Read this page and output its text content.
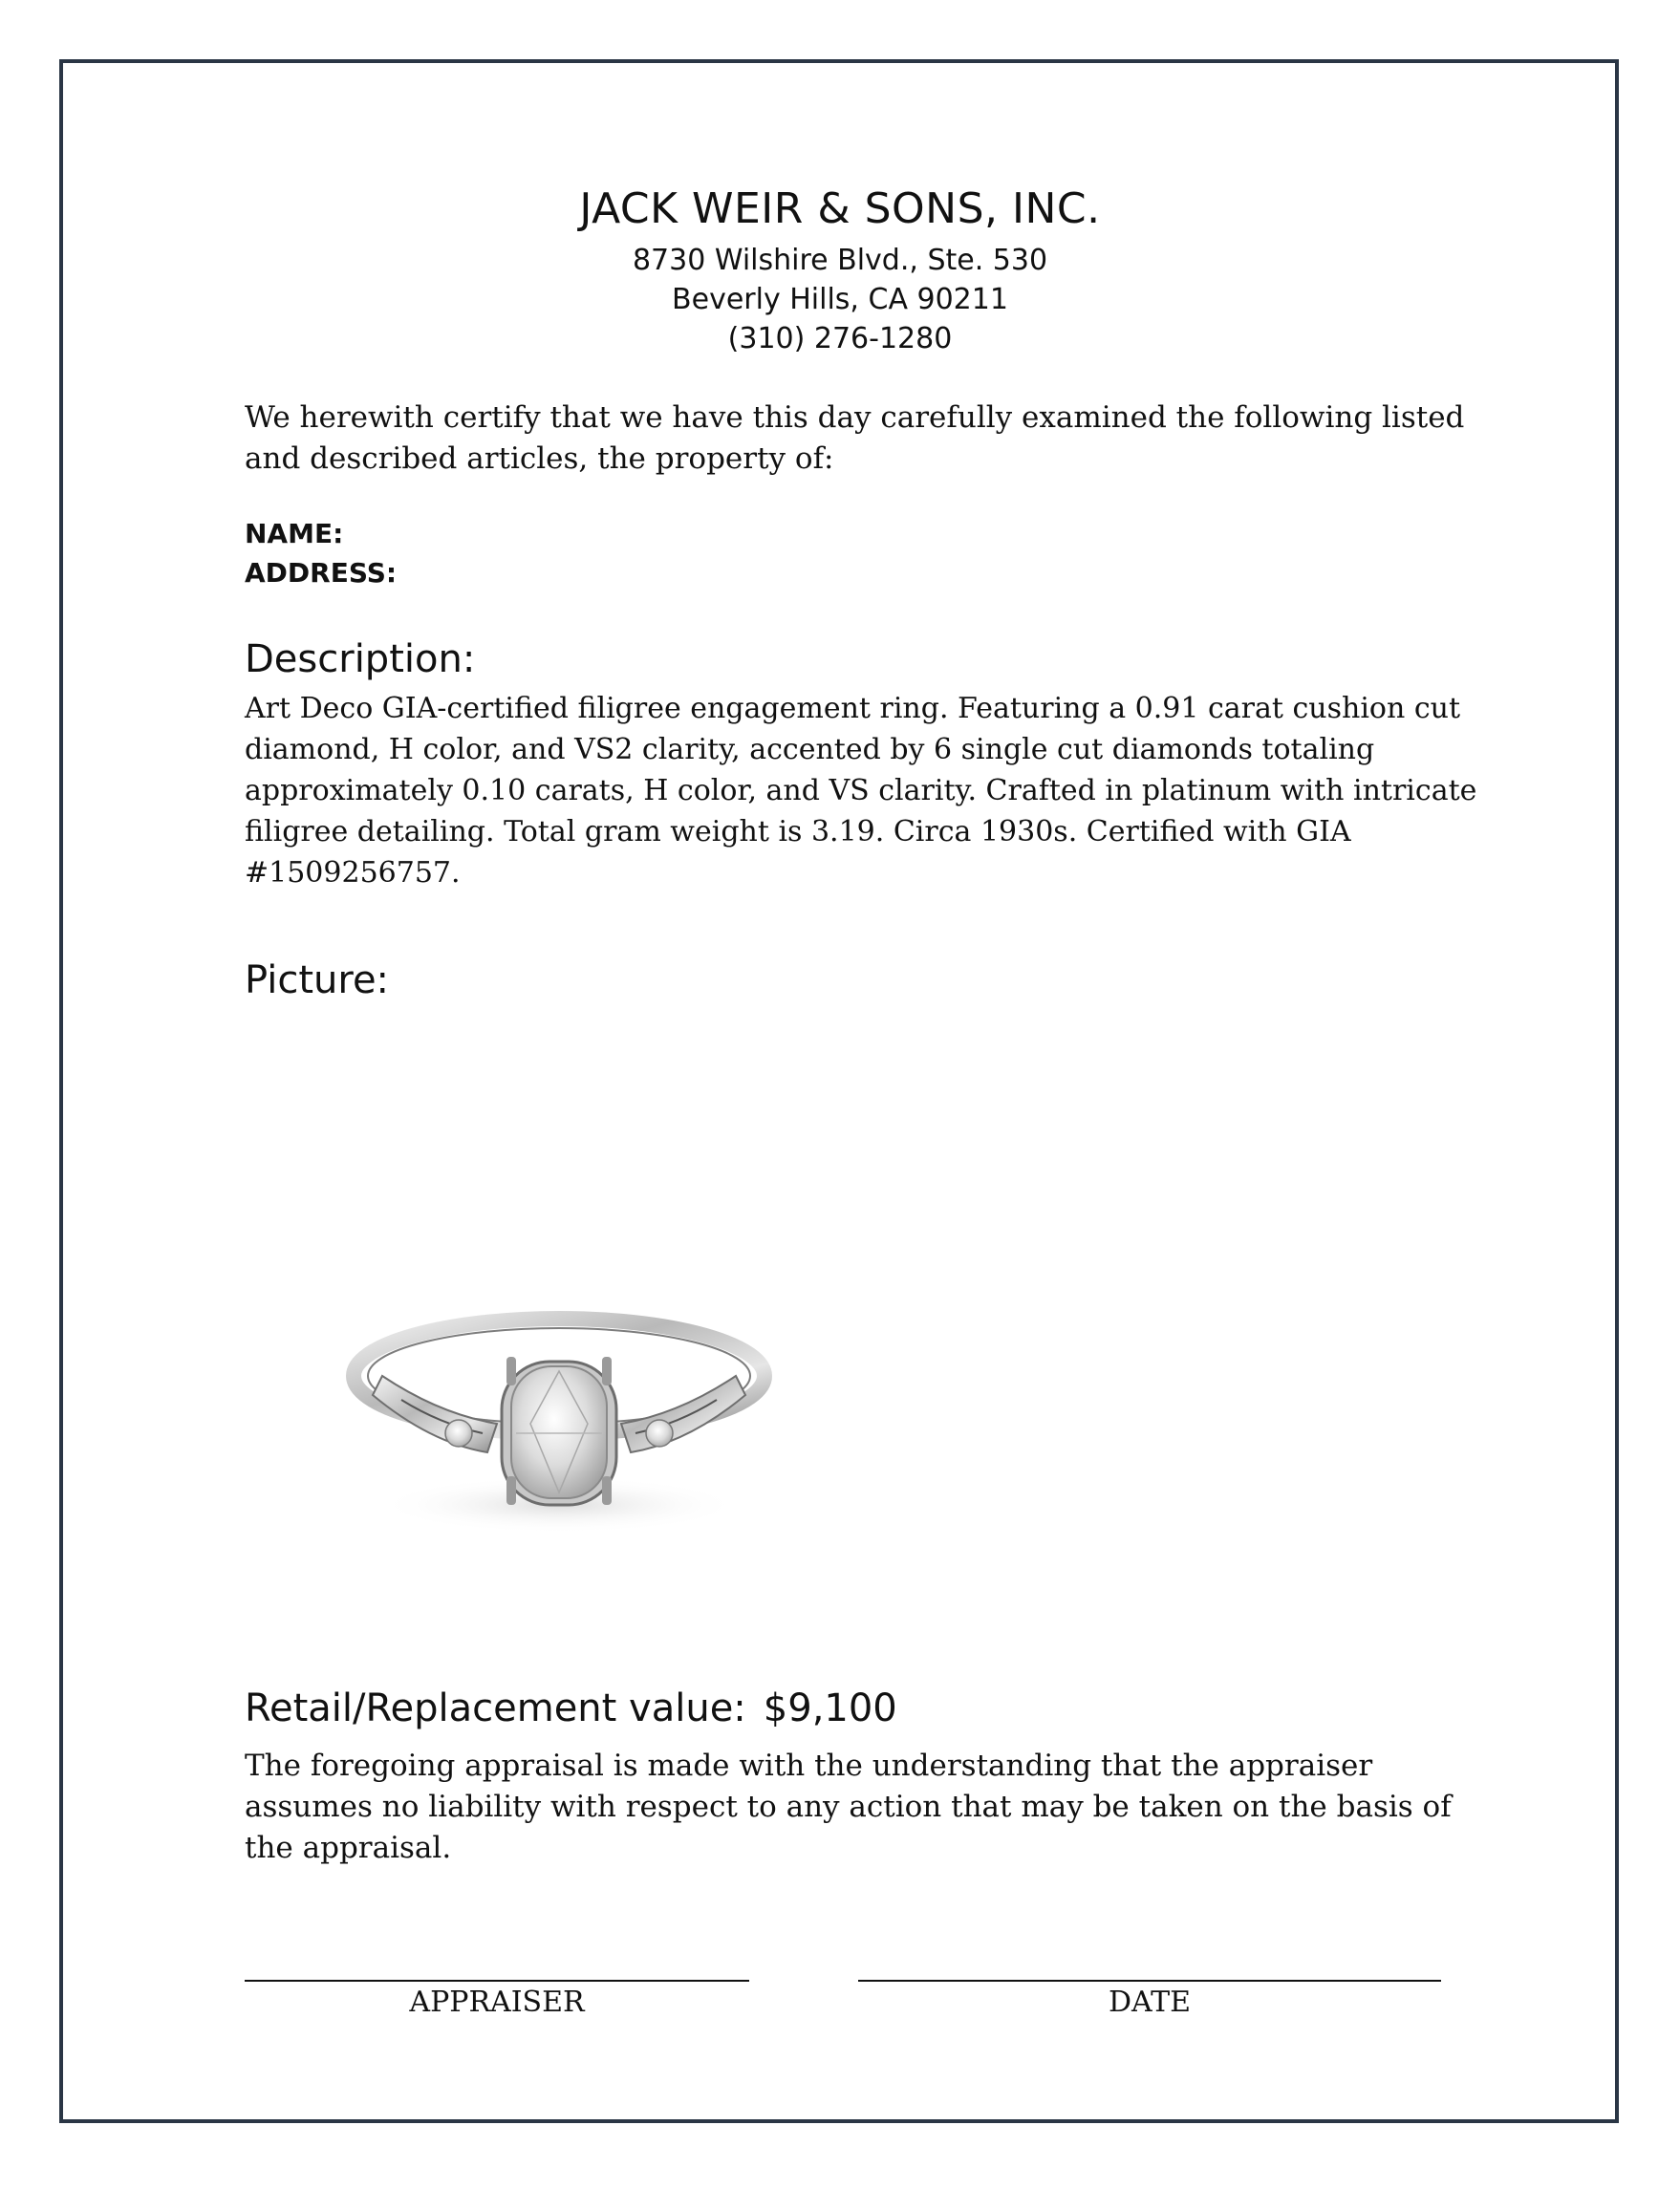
JACK WEIR & SONS, INC.
8730 Wilshire Blvd., Ste. 530
Beverly Hills, CA 90211
(310) 276-1280
We herewith certify that we have this day carefully examined the following listed and described articles, the property of:
NAME:
ADDRESS:
Description:
Art Deco GIA-certified filigree engagement ring. Featuring a 0.91 carat cushion cut diamond, H color, and VS2 clarity, accented by 6 single cut diamonds totaling approximately 0.10 carats, H color, and VS clarity. Crafted in platinum with intricate filigree detailing. Total gram weight is 3.19. Circa 1930s. Certified with GIA #1509256757.
Picture:
Retail/Replacement value: $9,100
The foregoing appraisal is made with the understanding that the appraiser assumes no liability with respect to any action that may be taken on the basis of the appraisal.
APPRAISER	DATE
